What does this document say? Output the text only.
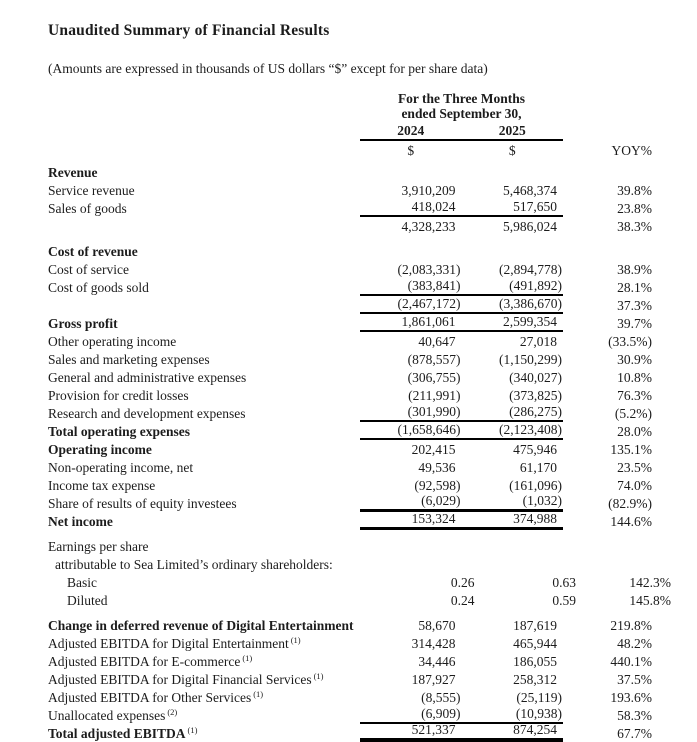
Unaudited Summary of Financial Results

(Amounts are expressed in thousands of US dollars “$” except for per share data)

For the Three Months
ended September 30,
2024	2025
$	$	YOY%
Revenue
Service revenue	3,910,209	5,468,374	39.8%
Sales of goods	418,024	517,650	23.8%
4,328,233	5,986,024	38.3%
Cost of revenue
Cost of service	(2,083,331)	(2,894,778)	38.9%
Cost of goods sold	(383,841)	(491,892)	28.1%
(2,467,172)	(3,386,670)	37.3%
Gross profit	1,861,061	2,599,354	39.7%
Other operating income	40,647	27,018	(33.5%)
Sales and marketing expenses	(878,557)	(1,150,299)	30.9%
General and administrative expenses	(306,755)	(340,027)	10.8%
Provision for credit losses	(211,991)	(373,825)	76.3%
Research and development expenses	(301,990)	(286,275)	(5.2%)
Total operating expenses	(1,658,646)	(2,123,408)	28.0%
Operating income	202,415	475,946	135.1%
Non-operating income, net	49,536	61,170	23.5%
Income tax expense	(92,598)	(161,096)	74.0%
Share of results of equity investees	(6,029)	(1,032)	(82.9%)
Net income	153,324	374,988	144.6%
Earnings per share
attributable to Sea Limited’s ordinary shareholders:
Basic	0.26	0.63	142.3%
Diluted	0.24	0.59	145.8%
Change in deferred revenue of Digital Entertainment	58,670	187,619	219.8%
Adjusted EBITDA for Digital Entertainment $^{(1)}$	314,428	465,944	48.2%
Adjusted EBITDA for E-commerce $^{(1)}$	34,446	186,055	440.1%
Adjusted EBITDA for Digital Financial Services $^{(1)}$	187,927	258,312	37.5%
Adjusted EBITDA for Other Services $^{(1)}$	(8,555)	(25,119)	193.6%
Unallocated expenses $^{(2)}$	(6,909)	(10,938)	58.3%
Total adjusted EBITDA $^{(1)}$	521,337	874,254	67.7%
